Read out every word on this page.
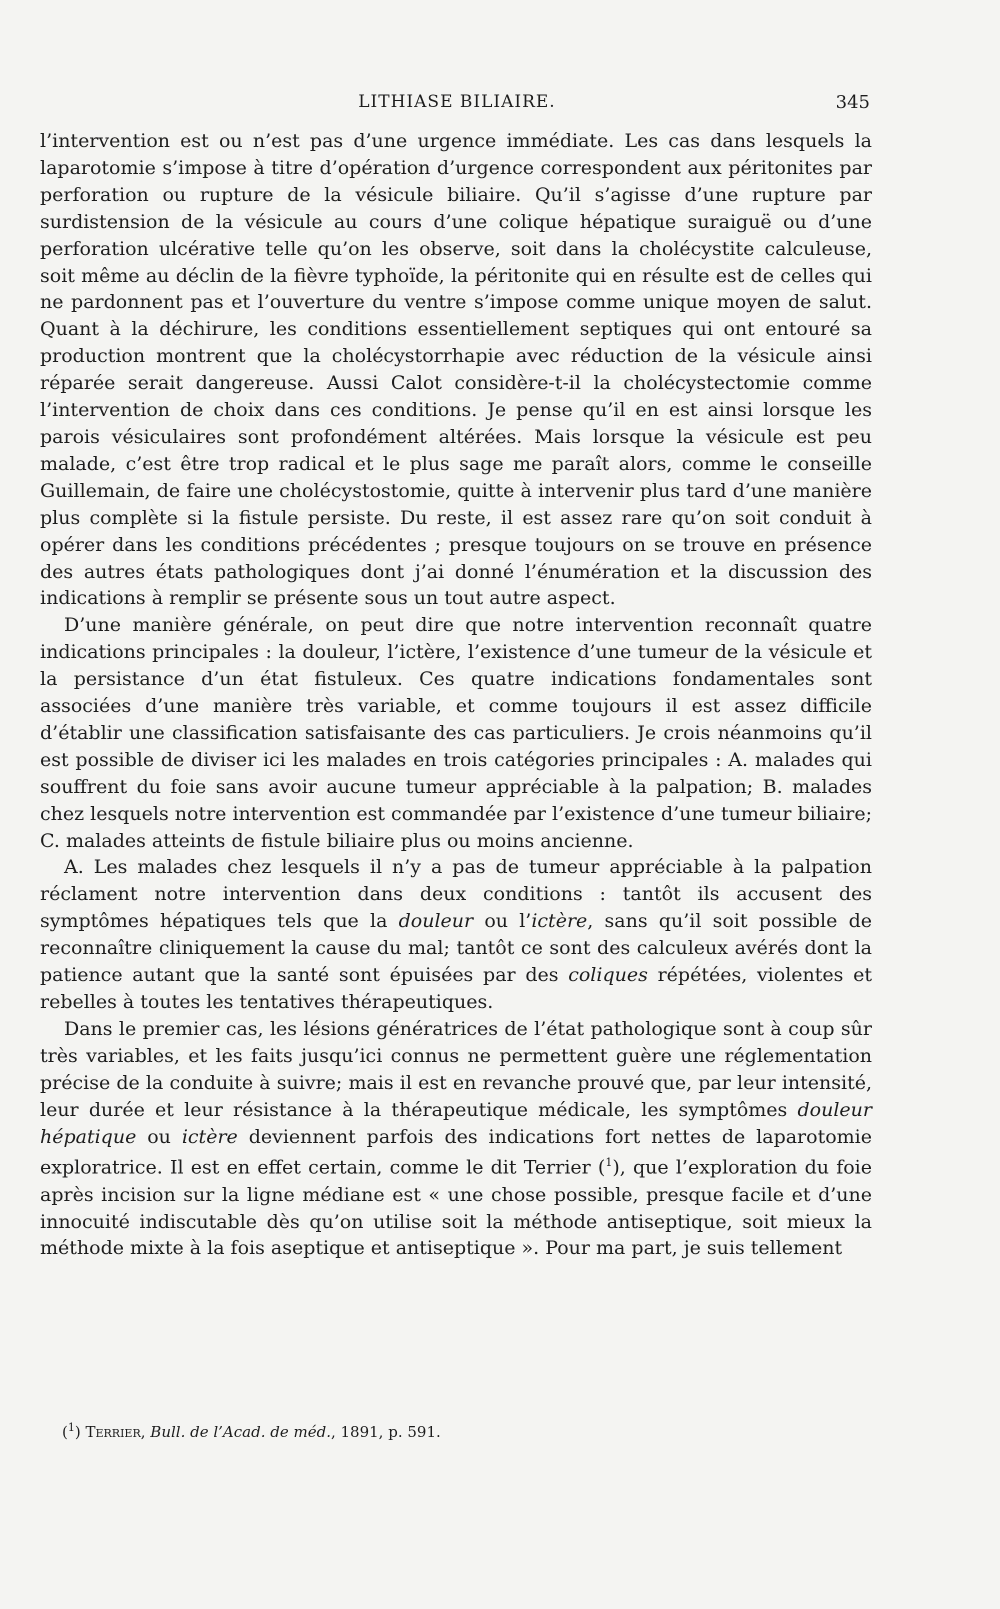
LITHIASE BILIAIRE.	345

l’intervention est ou n’est pas d’une urgence immédiate. Les cas dans lesquels la laparotomie s’impose à titre d’opération d’urgence correspondent aux péritonites par perforation ou rupture de la vésicule biliaire. Qu’il s’agisse d’une rupture par surdistension de la vésicule au cours d’une colique hépatique suraiguë ou d’une perforation ulcérative telle qu’on les observe, soit dans la cholécystite calculeuse, soit même au déclin de la fièvre typhoïde, la péritonite qui en résulte est de celles qui ne pardonnent pas et l’ouverture du ventre s’impose comme unique moyen de salut. Quant à la déchirure, les conditions essentiellement septiques qui ont entouré sa production montrent que la cholécystorrhapie avec réduction de la vésicule ainsi réparée serait dangereuse. Aussi Calot considère-t-il la cholécystectomie comme l’intervention de choix dans ces conditions. Je pense qu’il en est ainsi lorsque les parois vésiculaires sont profondément altérées. Mais lorsque la vésicule est peu malade, c’est être trop radical et le plus sage me paraît alors, comme le conseille Guillemain, de faire une cholécystostomie, quitte à intervenir plus tard d’une manière plus complète si la fistule persiste. Du reste, il est assez rare qu’on soit conduit à opérer dans les conditions précédentes ; presque toujours on se trouve en présence des autres états pathologiques dont j’ai donné l’énumération et la discussion des indications à remplir se présente sous un tout autre aspect.

D’une manière générale, on peut dire que notre intervention reconnaît quatre indications principales : la douleur, l’ictère, l’existence d’une tumeur de la vésicule et la persistance d’un état fistuleux. Ces quatre indications fondamentales sont associées d’une manière très variable, et comme toujours il est assez difficile d’établir une classification satisfaisante des cas particuliers. Je crois néanmoins qu’il est possible de diviser ici les malades en trois catégories principales : A. malades qui souffrent du foie sans avoir aucune tumeur appréciable à la palpation; B. malades chez lesquels notre intervention est commandée par l’existence d’une tumeur biliaire; C. malades atteints de fistule biliaire plus ou moins ancienne.

A. Les malades chez lesquels il n’y a pas de tumeur appréciable à la palpation réclament notre intervention dans deux conditions : tantôt ils accusent des symptômes hépatiques tels que la douleur ou l’ictère, sans qu’il soit possible de reconnaître cliniquement la cause du mal; tantôt ce sont des calculeux avérés dont la patience autant que la santé sont épuisées par des coliques répétées, violentes et rebelles à toutes les tentatives thérapeutiques.

Dans le premier cas, les lésions génératrices de l’état pathologique sont à coup sûr très variables, et les faits jusqu’ici connus ne permettent guère une réglementation précise de la conduite à suivre; mais il est en revanche prouvé que, par leur intensité, leur durée et leur résistance à la thérapeutique médicale, les symptômes douleur hépatique ou ictère deviennent parfois des indications fort nettes de laparotomie exploratrice. Il est en effet certain, comme le dit Terrier ($^1$), que l’exploration du foie après incision sur la ligne médiane est « une chose possible, presque facile et d’une innocuité indiscutable dès qu’on utilise soit la méthode antiseptique, soit mieux la méthode mixte à la fois aseptique et antiseptique ». Pour ma part, je suis tellement

($^1$) Terrier, Bull. de l’Acad. de méd., 1891, p. 591.
